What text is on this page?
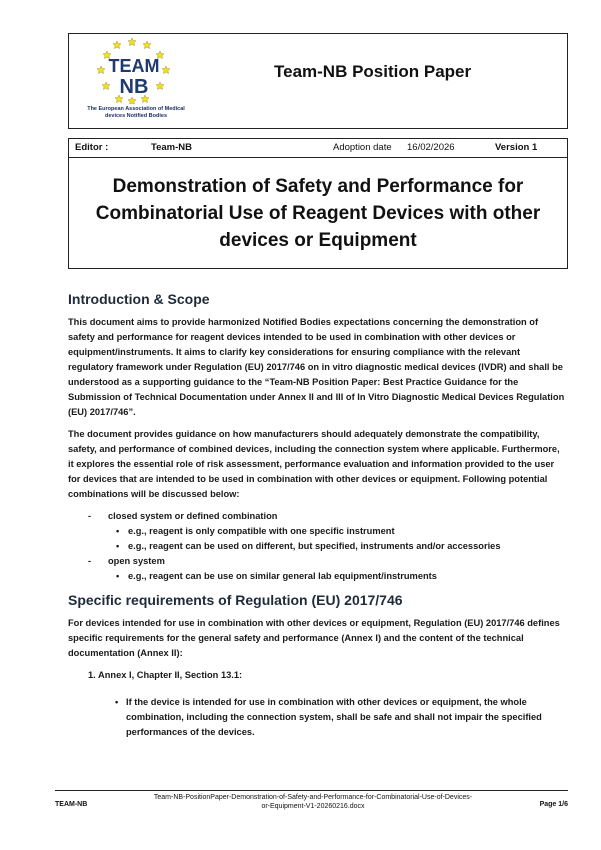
TEAM
NB
The European Association of Medical devices Notified Bodies
Team-NB Position Paper
Editor :	Team-NB	Adoption date 16/02/2026	Version 1
Demonstration of Safety and Performance for Combinatorial Use of Reagent Devices with other devices or Equipment
Introduction & Scope

This document aims to provide harmonized Notified Bodies expectations concerning the demonstration of safety and performance for reagent devices intended to be used in combination with other devices or equipment/instruments. It aims to clarify key considerations for ensuring compliance with the relevant regulatory framework under Regulation (EU) 2017/746 on in vitro diagnostic medical devices (IVDR) and shall be understood as a supporting guidance to the “Team-NB Position Paper: Best Practice Guidance for the Submission of Technical Documentation under Annex II and III of In Vitro Diagnostic Medical Devices Regulation (EU) 2017/746”.

The document provides guidance on how manufacturers should adequately demonstrate the compatibility, safety, and performance of combined devices, including the connection system where applicable. Furthermore, it explores the essential role of risk assessment, performance evaluation and information provided to the user for devices that are intended to be used in combination with other devices or equipment. Following potential combinations will be discussed below:

- closed system or defined combination
• e.g., reagent is only compatible with one specific instrument
• e.g., reagent can be used on different, but specified, instruments and/or accessories
- open system
• e.g., reagent can be use on similar general lab equipment/instruments
Specific requirements of Regulation (EU) 2017/746

For devices intended for use in combination with other devices or equipment, Regulation (EU) 2017/746 defines specific requirements for the general safety and performance (Annex I) and the content of the technical documentation (Annex II):

1. Annex I, Chapter II, Section 13.1:
• If the device is intended for use in combination with other devices or equipment, the whole combination, including the connection system, shall be safe and shall not impair the specified performances of the devices.
TEAM-NB
Team-NB-PositionPaper-Demonstration-of-Safety-and-Performance-for-Combinatorial-Use-of-Devices-or-Equipment-V1-20260216.docx	Page 1/6
